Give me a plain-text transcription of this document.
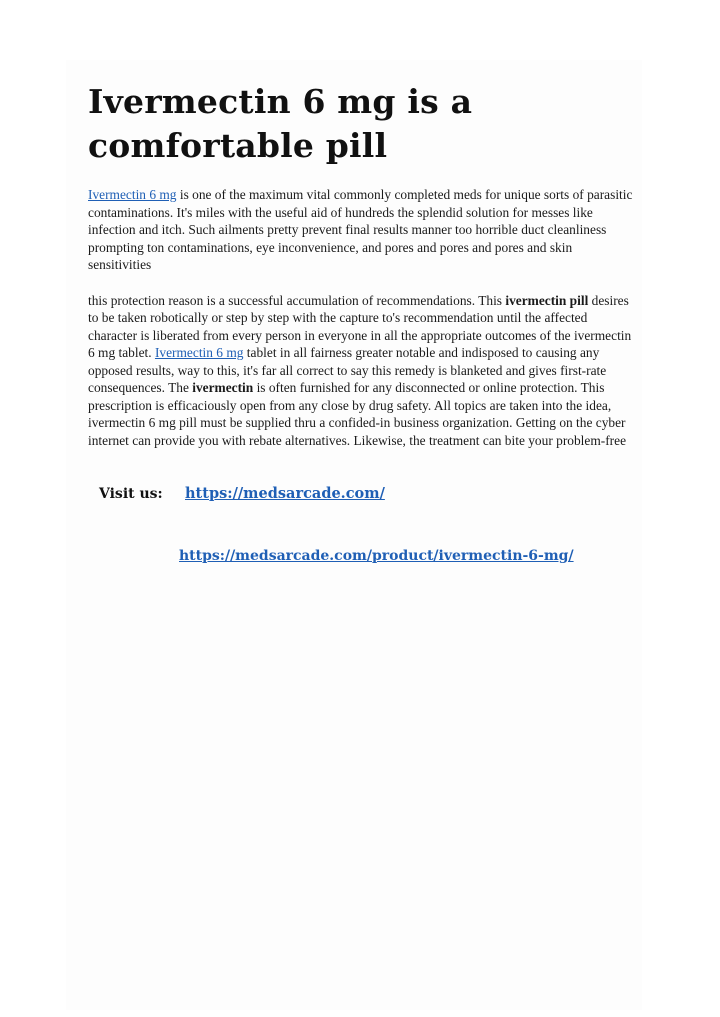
Ivermectin 6 mg is a comfortable pill

Ivermectin 6 mg is one of the maximum vital commonly completed meds for unique sorts of parasitic contaminations. It's miles with the useful aid of hundreds the splendid solution for messes like infection and itch. Such ailments pretty prevent final results manner too horrible duct cleanliness prompting ton contaminations, eye inconvenience, and pores and pores and pores and skin sensitivities

this protection reason is a successful accumulation of recommendations. This ivermectin pill desires to be taken robotically or step by step with the capture to's recommendation until the affected character is liberated from every person in everyone in all the appropriate outcomes of the ivermectin 6 mg tablet. Ivermectin 6 mg tablet in all fairness greater notable and indisposed to causing any opposed results, way to this, it's far all correct to say this remedy is blanketed and gives first-rate consequences. The ivermectin is often furnished for any disconnected or online protection. This prescription is efficaciously open from any close by drug safety. All topics are taken into the idea, ivermectin 6 mg pill must be supplied thru a confided-in business organization. Getting on the cyber internet can provide you with rebate alternatives. Likewise, the treatment can bite your problem-free

Visit us: https://medsarcade.com/
https://medsarcade.com/product/ivermectin-6-mg/
